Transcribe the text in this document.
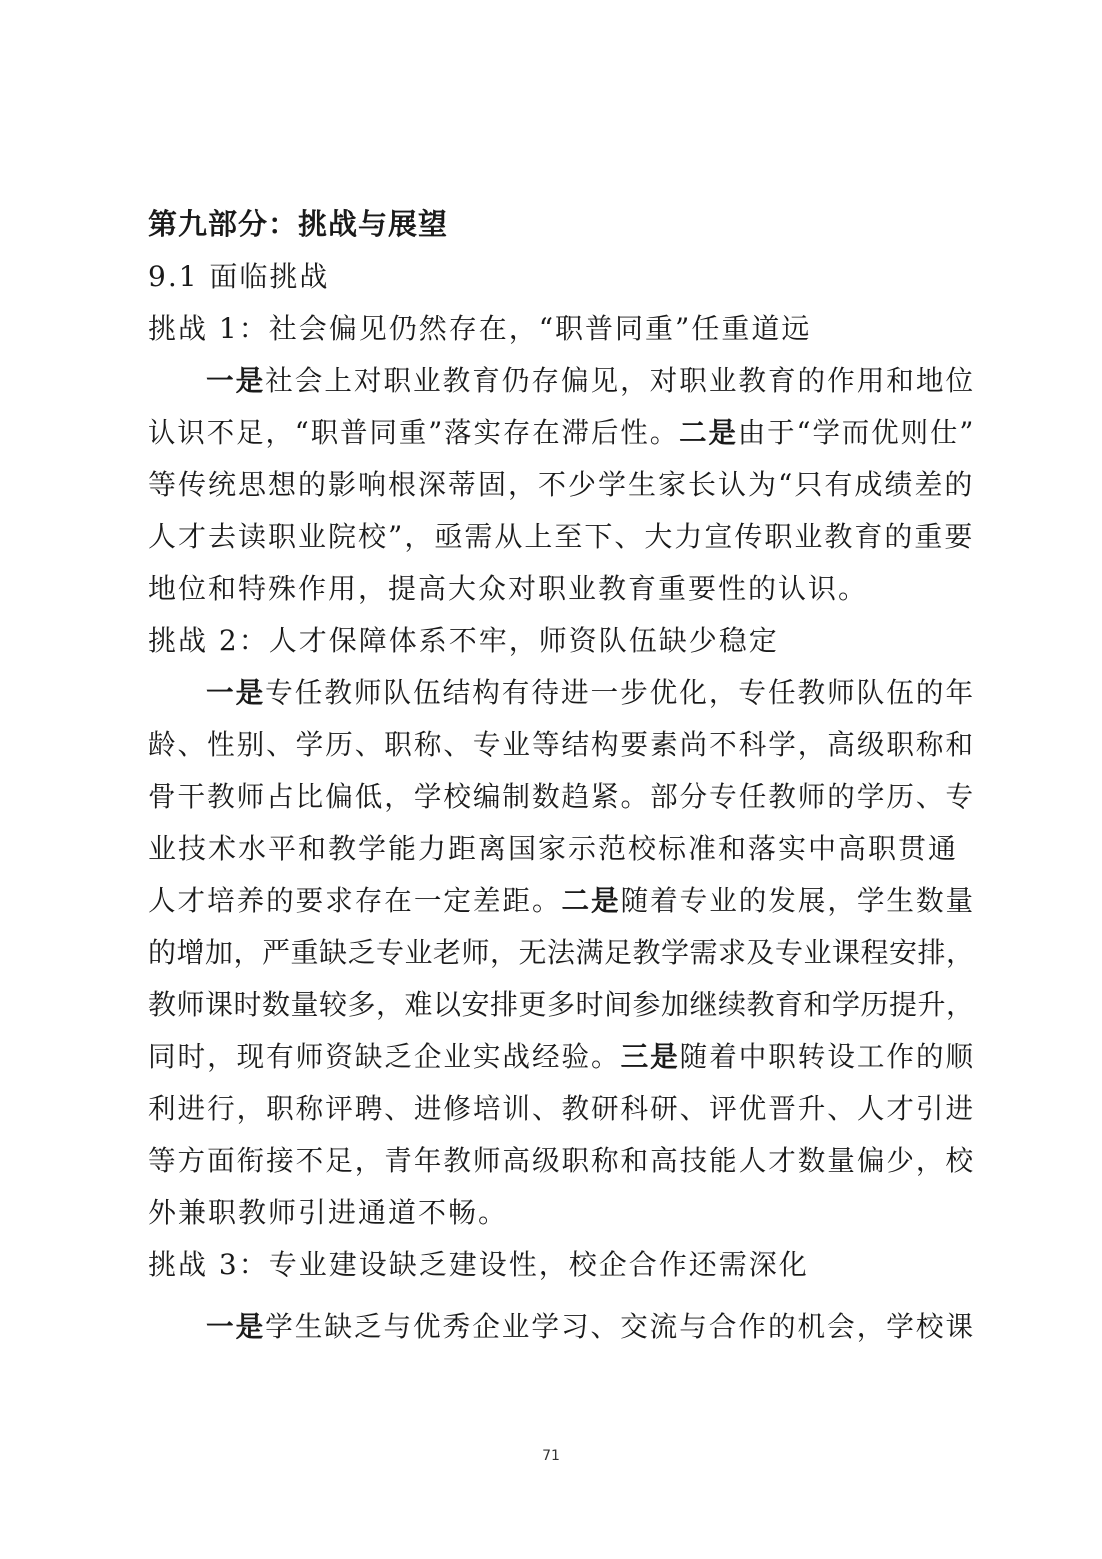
第九部分：挑战与展望
9.1 面临挑战
挑战 1：社会偏见仍然存在，“职普同重”任重道远
一是社会上对职业教育仍存偏见，对职业教育的作用和地位
认识不足，“职普同重”落实存在滞后性。二是由于“学而优则仕”
等传统思想的影响根深蒂固，不少学生家长认为“只有成绩差的
人才去读职业院校”，亟需从上至下、大力宣传职业教育的重要
地位和特殊作用，提高大众对职业教育重要性的认识。
挑战 2：人才保障体系不牢，师资队伍缺少稳定
一是专任教师队伍结构有待进一步优化，专任教师队伍的年
龄、性别、学历、职称、专业等结构要素尚不科学，高级职称和
骨干教师占比偏低，学校编制数趋紧。部分专任教师的学历、专
业技术水平和教学能力距离国家示范校标准和落实中高职贯通
人才培养的要求存在一定差距。二是随着专业的发展，学生数量
的增加，严重缺乏专业老师，无法满足教学需求及专业课程安排，
教师课时数量较多，难以安排更多时间参加继续教育和学历提升，
同时，现有师资缺乏企业实战经验。三是随着中职转设工作的顺
利进行，职称评聘、进修培训、教研科研、评优晋升、人才引进
等方面衔接不足，青年教师高级职称和高技能人才数量偏少，校
外兼职教师引进通道不畅。
挑战 3：专业建设缺乏建设性，校企合作还需深化
一是学生缺乏与优秀企业学习、交流与合作的机会，学校课
71
